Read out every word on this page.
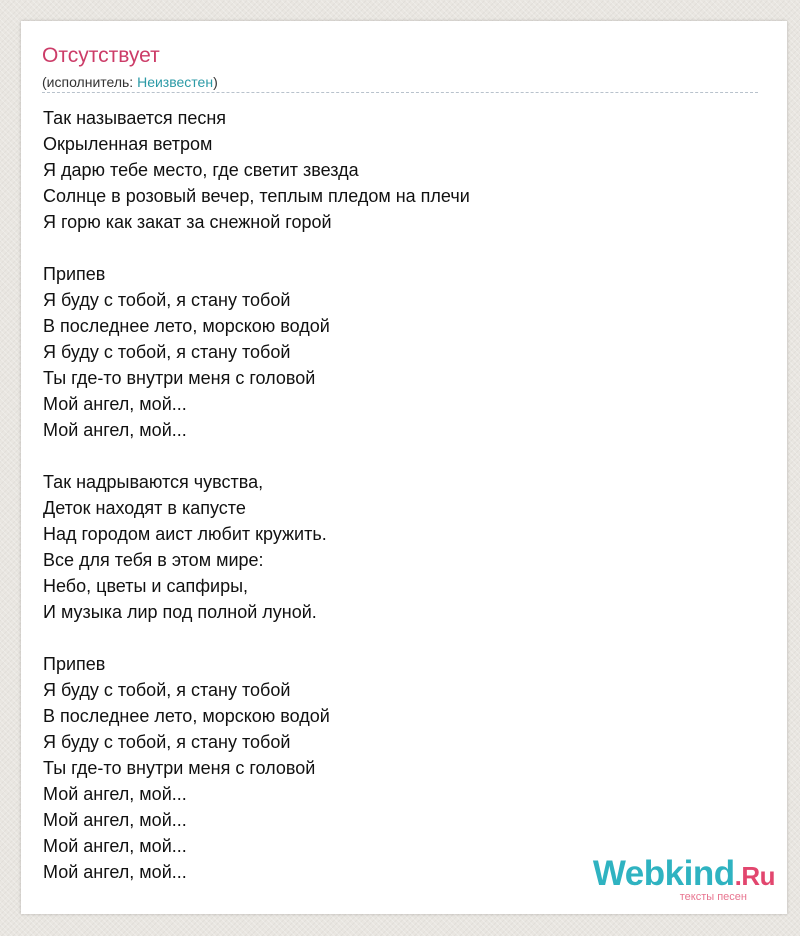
Отсутствует
(исполнитель: Неизвестен)
Так называется песня
Окрыленная ветром
Я дарю тебе место, где светит звезда
Солнце в розовый вечер, теплым пледом на плечи
Я горю как закат за снежной горой
Припев
Я буду с тобой, я стану тобой
В последнее лето, морскою водой
Я буду с тобой, я стану тобой
Ты где-то внутри меня с головой
Мой ангел, мой...
Мой ангел, мой...
Так надрываются чувства,
Деток находят в капусте
Над городом аист любит кружить.
Все для тебя в этом мире:
Небо, цветы и сапфиры,
И музыка лир под полной луной.
Припев
Я буду с тобой, я стану тобой
В последнее лето, морскою водой
Я буду с тобой, я стану тобой
Ты где-то внутри меня с головой
Мой ангел, мой...
Мой ангел, мой...
Мой ангел, мой...
Мой ангел, мой...	Webkind.Ru
тексты песен
